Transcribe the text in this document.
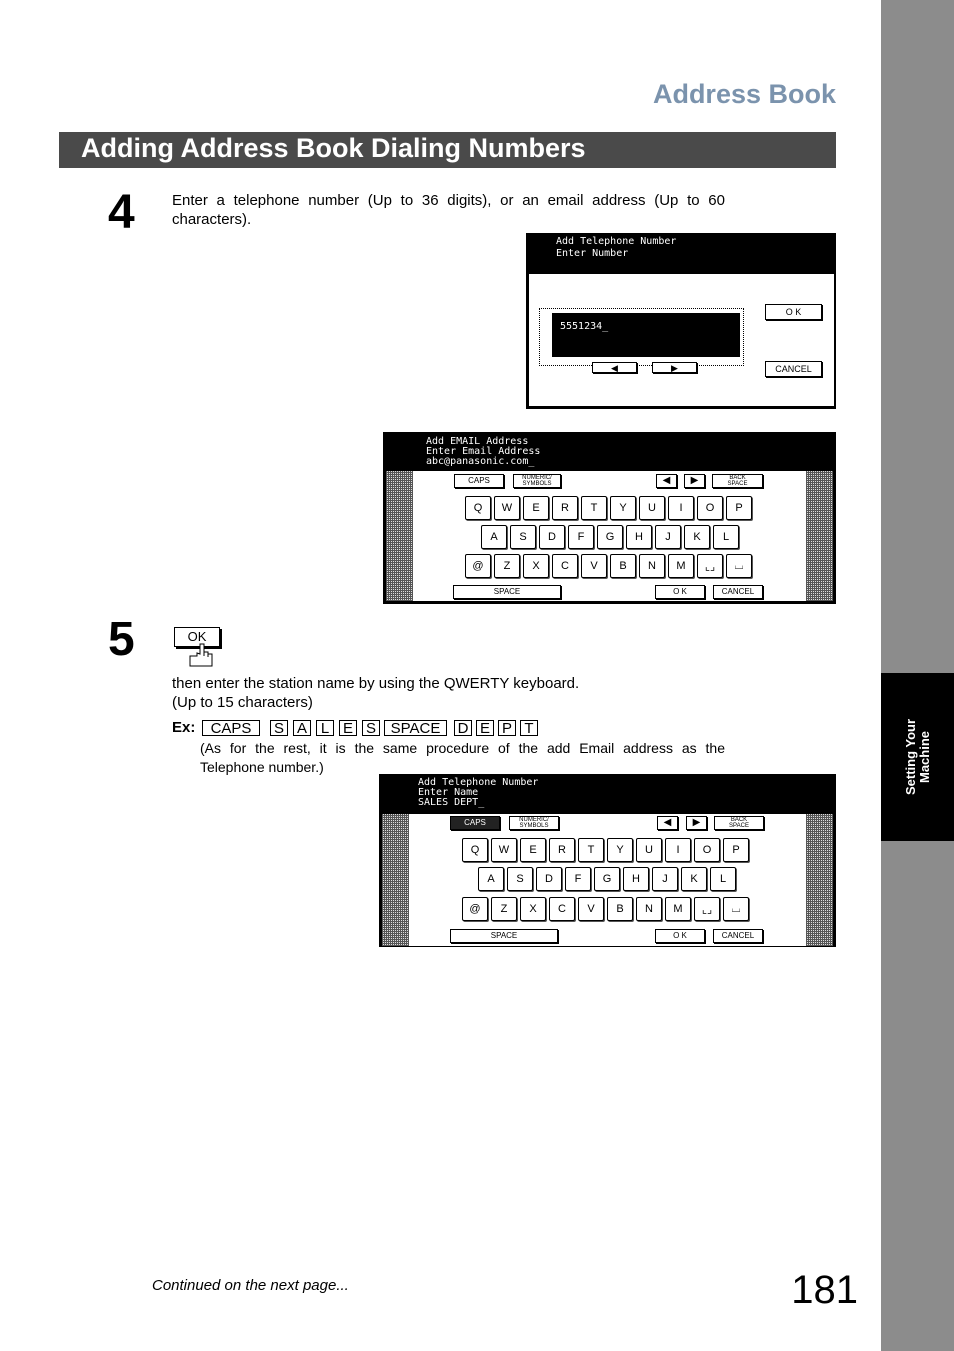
Setting Your Machine
Address Book
Adding Address Book Dialing Numbers
4 Enter a telephone number (Up to 36 digits), or an email address (Up to 60 characters).
Add Telephone Number
Enter Number
5551234_
◀	▶
O K
CANCEL
Add EMAIL Address
Enter Email Address
abc@panasonic.com_
CAPS	NUMERIC/
SYMBOLS	◀	▶	BACK
SPACE
SPACE	O K	CANCEL
Q	W	E	R	T	Y	U	I	O	P
A	S	D	F	G	H	J	K	L
@	Z	X	C	V	B	N	M	⌞⌟	⌴
5	OK
then enter the station name by using the QWERTY keyboard.
(Up to 15 characters)
Ex:	CAPS	S A L E S SPACE	D E P T
(As for the rest, it is the same procedure of the add Email address as the
Telephone number.)
Add Telephone Number
Enter Name
SALES DEPT_
CAPS	NUMERIC/
SYMBOLS	◀	▶	BACK
SPACE
SPACE	O K	CANCEL
Q	W	E	R	T	Y	U	I	O	P
A	S	D	F	G	H	J	K	L
@	Z	X	C	V	B	N	M	⌞⌟	⌴
Continued on the next page...	181
